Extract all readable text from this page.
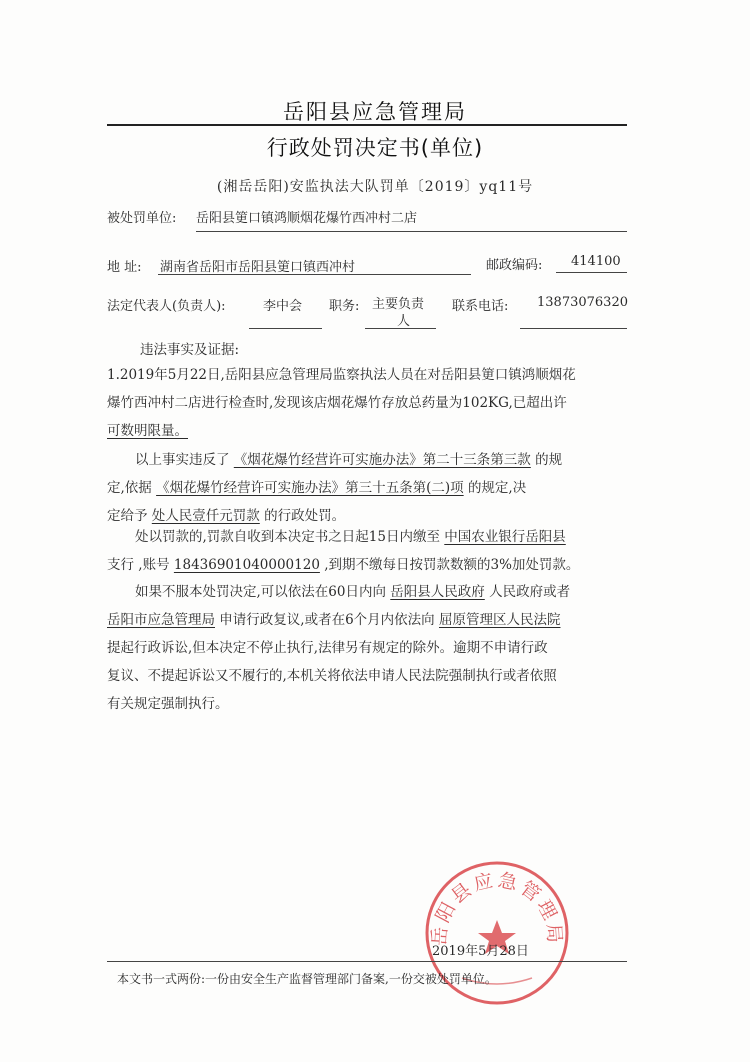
岳阳县应急管理局
行政处罚决定书(单位)
(湘岳岳阳)安监执法大队罚单〔2019〕yq11号
被处罚单位: 岳阳县筻口镇鸿顺烟花爆竹西冲村二店
地 址: 湖南省岳阳市岳阳县筻口镇西冲村	邮政编码: 414100
法定代表人(负责人):	李中会 职务: 主要负责
人
联系电话: 13873076320
违法事实及证据:
1.2019年5月22日,岳阳县应急管理局监察执法人员在对岳阳县筻口镇鸿顺烟花
爆竹西冲村二店进行检查时,发现该店烟花爆竹存放总药量为102KG,已超出许
可数明限量。
以上事实违反了 《烟花爆竹经营许可实施办法》第二十三条第三款 的规
定,依据 《烟花爆竹经营许可实施办法》第三十五条第(二)项 的规定,决
定给予 处人民壹仟元罚款 的行政处罚。
处以罚款的,罚款自收到本决定书之日起15日内缴至 中国农业银行岳阳县
支行 ,账号 18436901040000120 ,到期不缴每日按罚款数额的3%加处罚款。
如果不服本处罚决定,可以依法在60日内向 岳阳县人民政府 人民政府或者
岳阳市应急管理局 申请行政复议,或者在6个月内依法向 屈原管理区人民法院
提起行政诉讼,但本决定不停止执行,法律另有规定的除外。逾期不申请行政
复议、不提起诉讼又不履行的,本机关将依法申请人民法院强制执行或者依照
有关规定强制执行。
岳阳县应急管理局
2019年5月28日
本文书一式两份:一份由安全生产监督管理部门备案,一份交被处罚单位。
